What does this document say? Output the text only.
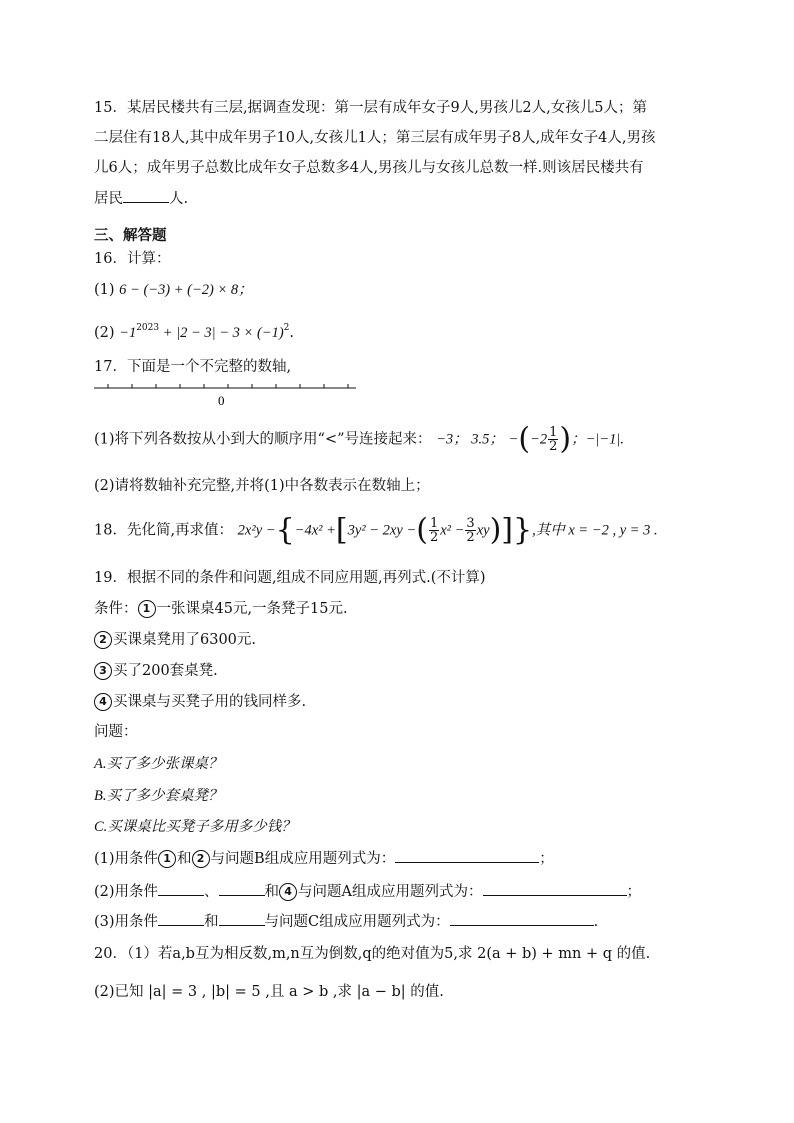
15．某居民楼共有三层,据调查发现：第一层有成年女子9人,男孩儿2人,女孩儿5人；第
二层住有18人,其中成年男子10人,女孩儿1人；第三层有成年男子8人,成年女子4人,男孩
儿6人；成年男子总数比成年女子总数多4人,男孩儿与女孩儿总数一样.则该居民楼共有
居民	人.
三、解答题
16．计算：
(1) 6 − (−3) + (−2) × 8；
$(2) -1^{2023} + |2 - 3| - 3 \times (-1)^2$.
17．下面是一个不完整的数轴,
0
(1)将下列各数按从小到大的顺序用“<”号连接起来： −3； 3.5； $-(-2 \frac{1}{2}$ )；−|−1|.
(2)请将数轴补充完整,并将(1)中各数表示在数轴上；
18．先化简,再求值： 2x²y −{−4x² +[3y² − 2xy −( $\frac{1}{2} x^2 - \frac{3}{2} xy$)]},其中 x = −2 , y = 3 .
19．根据不同的条件和问题,组成不同应用题,再列式.(不计算)
条件： 1 一张课桌45元,一条凳子15元.
2 买课桌凳用了6300元.
3 买了200套桌凳.
4 买课桌与买凳子用的钱同样多.
问题：
A.买了多少张课桌？
B.买了多少套桌凳？
C.买课桌比买凳子多用多少钱？
(1)用条件 1 和 2 与问题B组成应用题列式为：	；
(2)用条件	、	和 4 与问题A组成应用题列式为：	；
(3)用条件	和	与问题C组成应用题列式为：	.
20．（1）若a,b互为相反数,m,n互为倒数,q的绝对值为5,求 2(a + b) + mn + q 的值.
(2)已知 |a| = 3 , |b| = 5 ,且 a > b ,求 |a − b| 的值.
